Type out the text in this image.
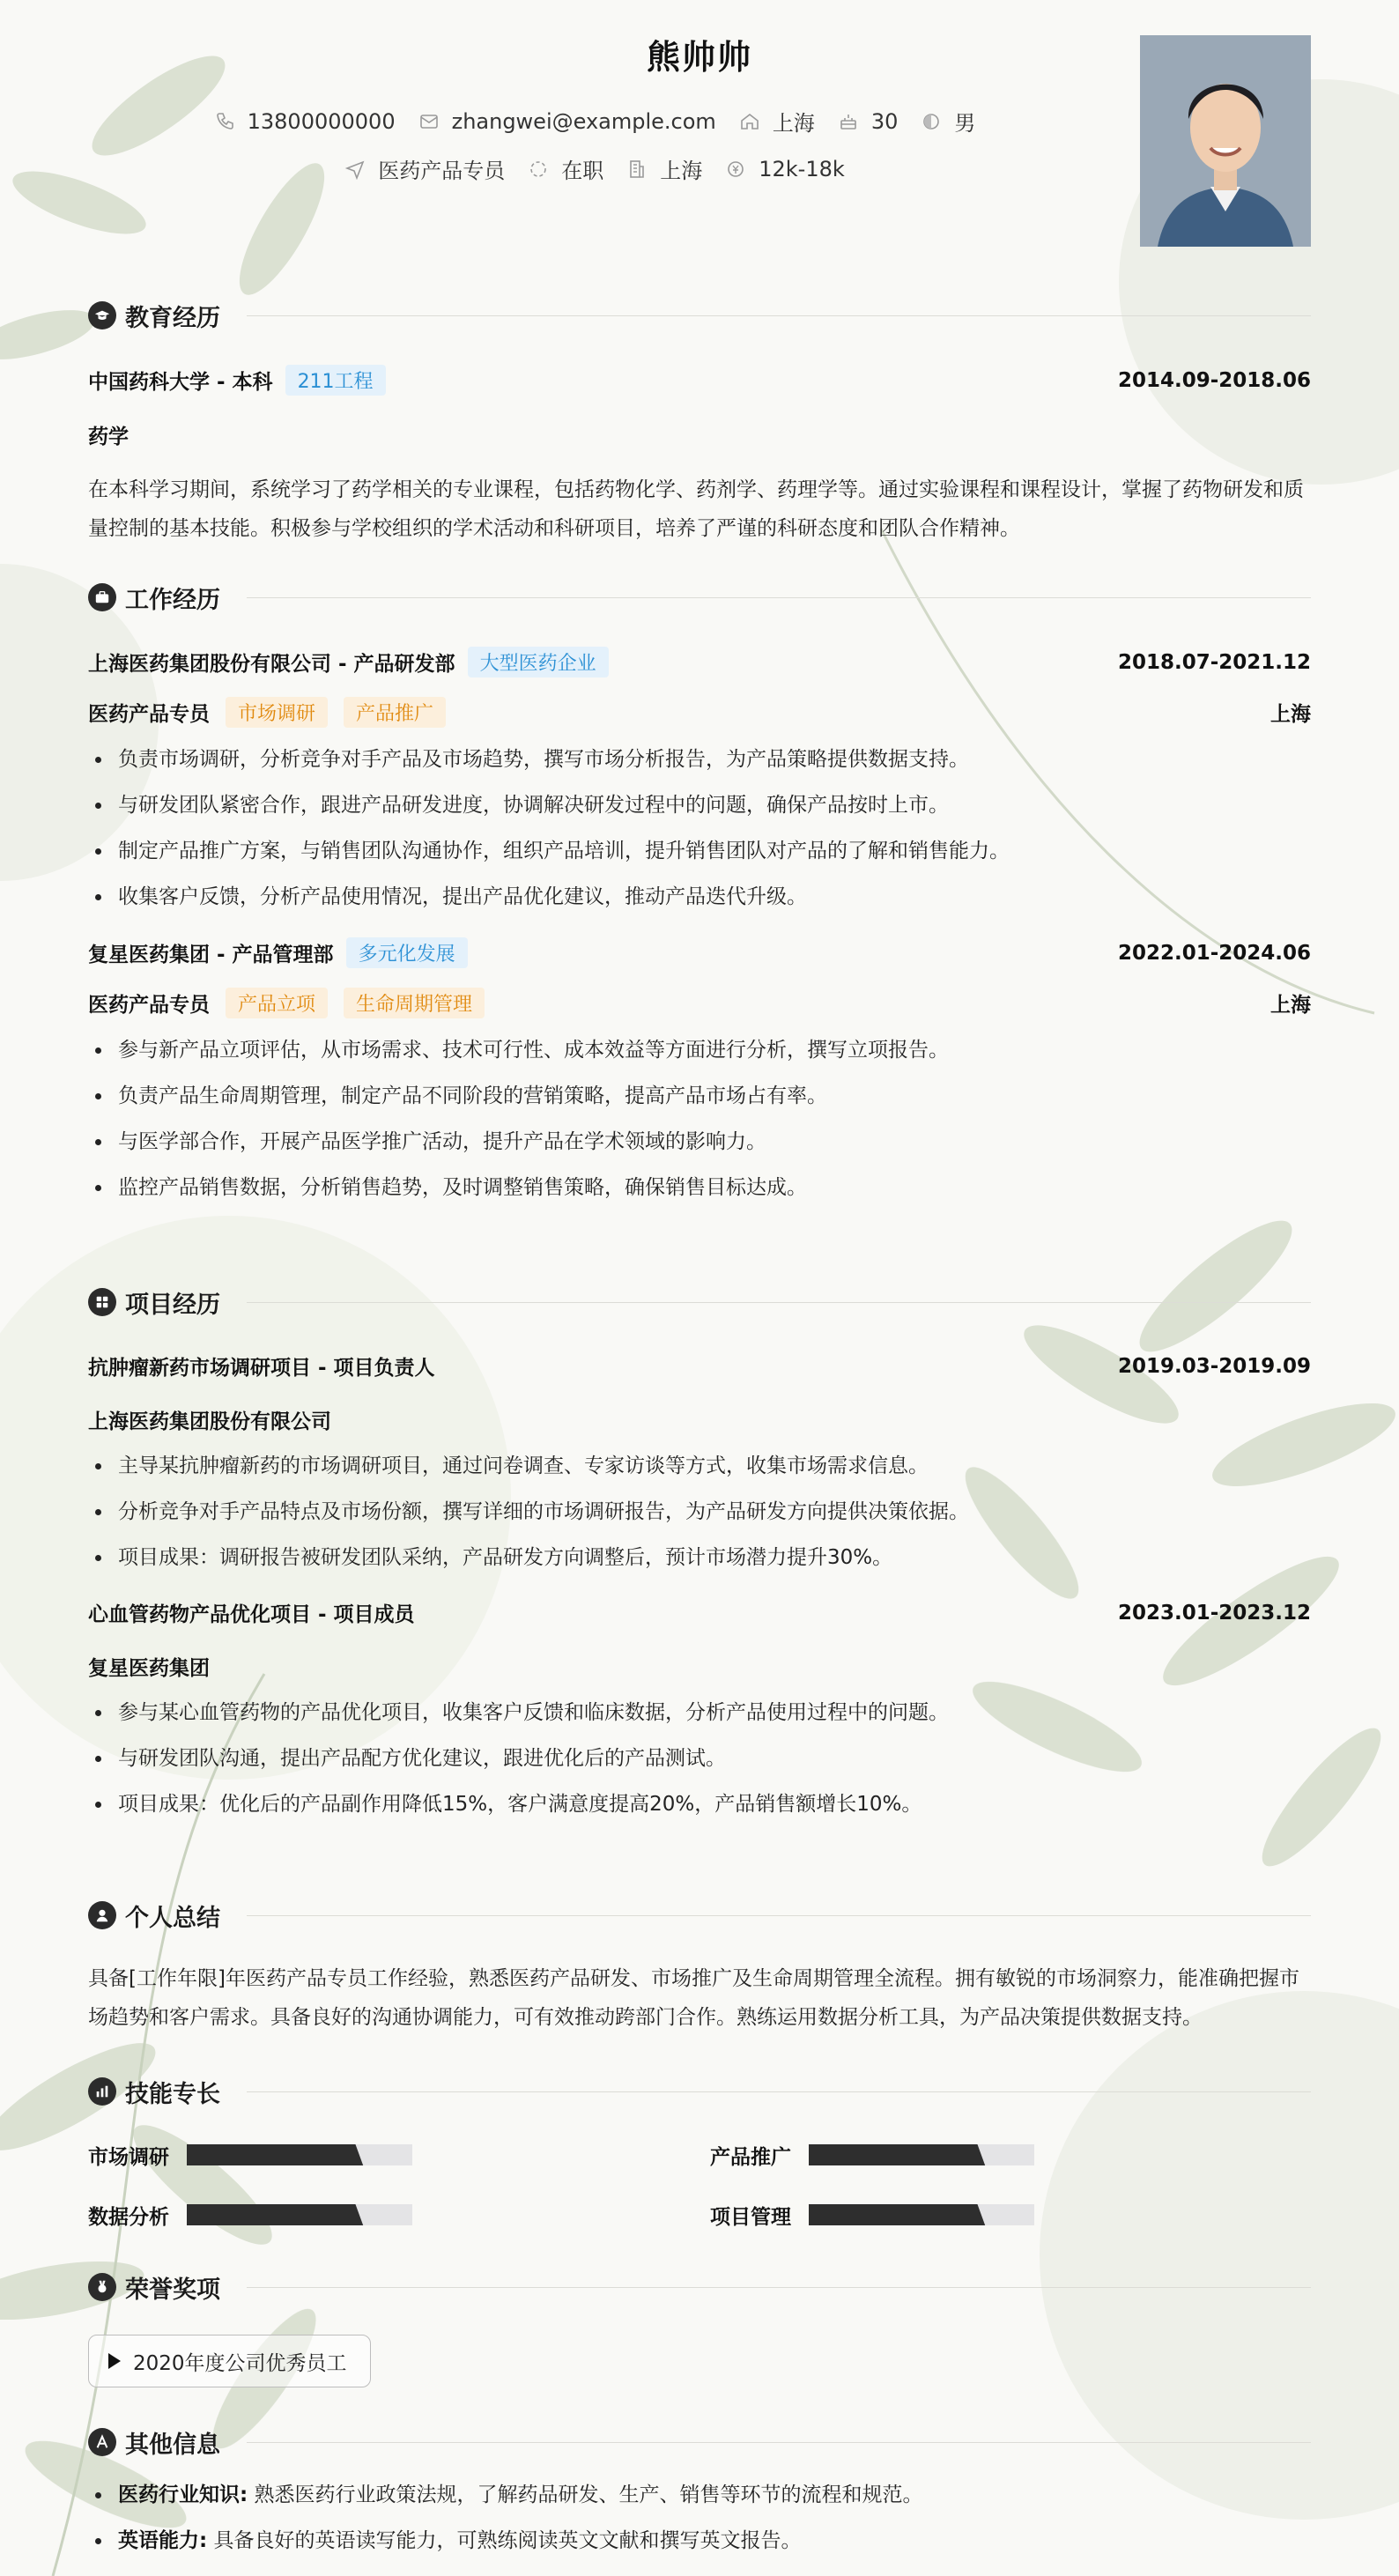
熊帅帅
13800000000	zhangwei@example.com	上海	30	男
医药产品专员	在职	上海	12k-18k
教育经历
中国药科大学 - 本科	211工程	2014.09-2018.06
药学
在本科学习期间，系统学习了药学相关的专业课程，包括药物化学、药剂学、药理学等。通过实验课程和课程设计，掌握了药物研发和质量控制的基本技能。积极参与学校组织的学术活动和科研项目，培养了严谨的科研态度和团队合作精神。
工作经历
上海医药集团股份有限公司 - 产品研发部	大型医药企业	2018.07-2021.12
医药产品专员	市场调研	产品推广	上海
负责市场调研，分析竞争对手产品及市场趋势，撰写市场分析报告，为产品策略提供数据支持。
与研发团队紧密合作，跟进产品研发进度，协调解决研发过程中的问题，确保产品按时上市。
制定产品推广方案，与销售团队沟通协作，组织产品培训，提升销售团队对产品的了解和销售能力。
收集客户反馈，分析产品使用情况，提出产品优化建议，推动产品迭代升级。
复星医药集团 - 产品管理部	多元化发展	2022.01-2024.06
医药产品专员	产品立项	生命周期管理	上海
参与新产品立项评估，从市场需求、技术可行性、成本效益等方面进行分析，撰写立项报告。
负责产品生命周期管理，制定产品不同阶段的营销策略，提高产品市场占有率。
与医学部合作，开展产品医学推广活动，提升产品在学术领域的影响力。
监控产品销售数据，分析销售趋势，及时调整销售策略，确保销售目标达成。
项目经历
抗肿瘤新药市场调研项目 - 项目负责人	2019.03-2019.09
上海医药集团股份有限公司
主导某抗肿瘤新药的市场调研项目，通过问卷调查、专家访谈等方式，收集市场需求信息。
分析竞争对手产品特点及市场份额，撰写详细的市场调研报告，为产品研发方向提供决策依据。
项目成果：调研报告被研发团队采纳，产品研发方向调整后，预计市场潜力提升30%。
心血管药物产品优化项目 - 项目成员	2023.01-2023.12
复星医药集团
参与某心血管药物的产品优化项目，收集客户反馈和临床数据，分析产品使用过程中的问题。
与研发团队沟通，提出产品配方优化建议，跟进优化后的产品测试。
项目成果：优化后的产品副作用降低15%，客户满意度提高20%，产品销售额增长10%。
个人总结
具备[工作年限]年医药产品专员工作经验，熟悉医药产品研发、市场推广及生命周期管理全流程。拥有敏锐的市场洞察力，能准确把握市场趋势和客户需求。具备良好的沟通协调能力，可有效推动跨部门合作。熟练运用数据分析工具，为产品决策提供数据支持。
技能专长
市场调研	产品推广
数据分析	项目管理
荣誉奖项
2020年度公司优秀员工
其他信息
医药行业知识: 熟悉医药行业政策法规，了解药品研发、生产、销售等环节的流程和规范。
英语能力: 具备良好的英语读写能力，可熟练阅读英文文献和撰写英文报告。
